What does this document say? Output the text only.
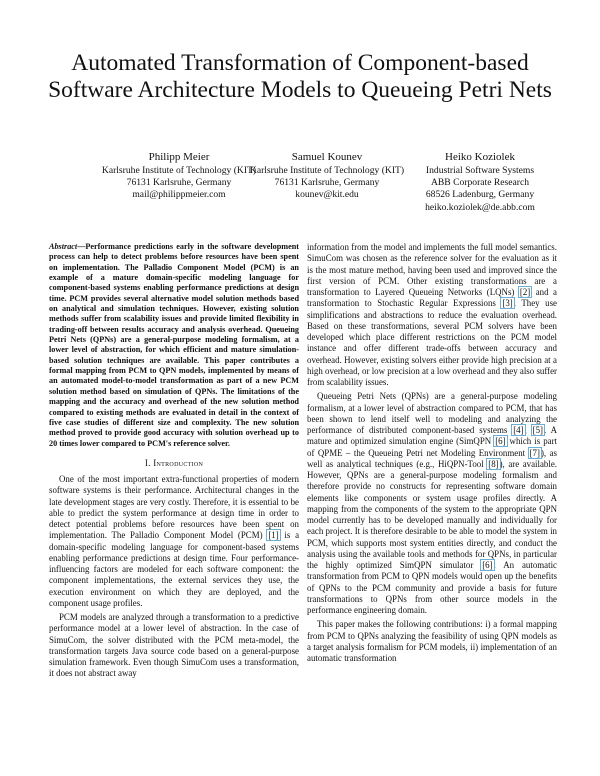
Automated Transformation of Component-based Software Architecture Models to Queueing Petri Nets
Philipp Meier
Karlsruhe Institute of Technology (KIT)
76131 Karlsruhe, Germany
mail@philippmeier.com
Samuel Kounev
Karlsruhe Institute of Technology (KIT)
76131 Karlsruhe, Germany
kounev@kit.edu
Heiko Koziolek
Industrial Software Systems
ABB Corporate Research
68526 Ladenburg, Germany
heiko.koziolek@de.abb.com

Abstract—Performance predictions early in the software development process can help to detect problems before resources have been spent on implementation. The Palladio Component Model (PCM) is an example of a mature domain-specific modeling language for component-based systems enabling performance predictions at design time. PCM provides several alternative model solution methods based on analytical and simulation techniques. However, existing solution methods suffer from scalability issues and provide limited flexibility in trading-off between results accuracy and analysis overhead. Queueing Petri Nets (QPNs) are a general-purpose modeling formalism, at a lower level of abstraction, for which efficient and mature simulation-based solution techniques are available. This paper contributes a formal mapping from PCM to QPN models, implemented by means of an automated model-to-model transformation as part of a new PCM solution method based on simulation of QPNs. The limitations of the mapping and the accuracy and overhead of the new solution method compared to existing methods are evaluated in detail in the context of five case studies of different size and complexity. The new solution method proved to provide good accuracy with solution overhead up to 20 times lower compared to PCM's reference solver.

I. Introduction

One of the most important extra-functional properties of modern software systems is their performance. Architectural changes in the late development stages are very costly. Therefore, it is essential to be able to predict the system performance at design time in order to detect potential problems before resources have been spent on implementation. The Palladio Component Model (PCM) [1] is a domain-specific modeling language for component-based systems enabling performance predictions at design time. Four performance-influencing factors are modeled for each software component: the component implementations, the external services they use, the execution environment on which they are deployed, and the component usage profiles.

PCM models are analyzed through a transformation to a predictive performance model at a lower level of abstraction. In the case of SimuCom, the solver distributed with the PCM meta-model, the transformation targets Java source code based on a general-purpose simulation framework. Even though SimuCom uses a transformation, it does not abstract away

information from the model and implements the full model semantics. SimuCom was chosen as the reference solver for the evaluation as it is the most mature method, having been used and improved since the first version of PCM. Other existing transformations are a transformation to Layered Queueing Networks (LQNs) [2] and a transformation to Stochastic Regular Expressions [3]. They use simplifications and abstractions to reduce the evaluation overhead. Based on these transformations, several PCM solvers have been developed which place different restrictions on the PCM model instance and offer different trade-offs between accuracy and overhead. However, existing solvers either provide high precision at a high overhead, or low precision at a low overhead and they also suffer from scalability issues.

Queueing Petri Nets (QPNs) are a general-purpose modeling formalism, at a lower level of abstraction compared to PCM, that has been shown to lend itself well to modeling and analyzing the performance of distributed component-based systems [4], [5]. A mature and optimized simulation engine (SimQPN [6] which is part of QPME – the Queueing Petri net Modeling Environment [7]), as well as analytical techniques (e.g., HiQPN-Tool [8]), are available. However, QPNs are a general-purpose modeling formalism and therefore provide no constructs for representing software domain elements like components or system usage profiles directly. A mapping from the components of the system to the appropriate QPN model currently has to be developed manually and individually for each project. It is therefore desirable to be able to model the system in PCM, which supports most system entities directly, and conduct the analysis using the available tools and methods for QPNs, in particular the highly optimized SimQPN simulator [6]. An automatic transformation from PCM to QPN models would open up the benefits of QPNs to the PCM community and provide a basis for future transformations to QPNs from other source models in the performance engineering domain.

This paper makes the following contributions: i) a formal mapping from PCM to QPNs analyzing the feasibility of using QPN models as a target analysis formalism for PCM models, ii) implementation of an automatic transformation
